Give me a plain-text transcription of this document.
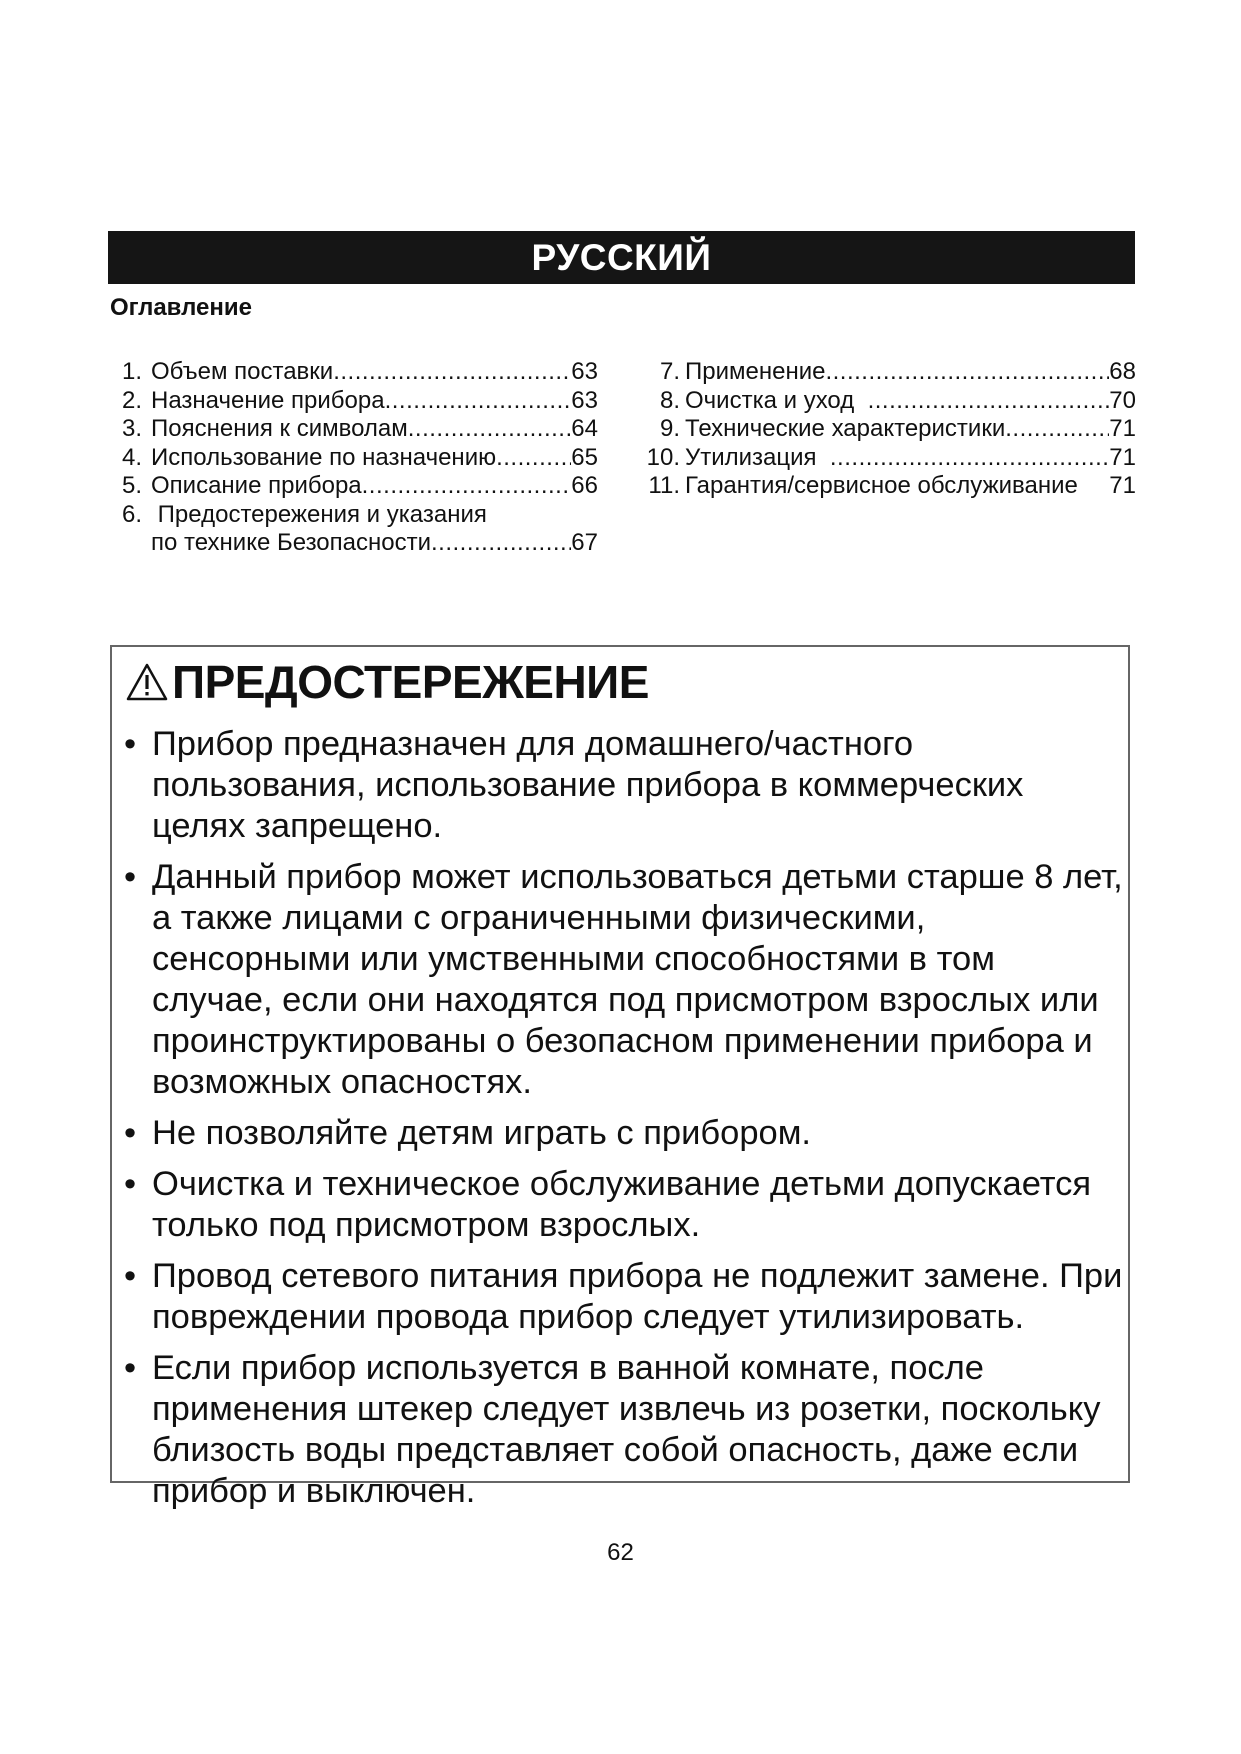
РУССКИЙ
Оглавление
1. Объем поставки .....	63
2. Назначение прибора .....	63
3. Пояснения к символам .....	64
4. Использование по назначению .....	65
5. Описание прибора .....	66
6. Предостережения и указания
по технике Безопасности .....	67
7. Применение .....	68
8. Очистка и уход .....	70
9. Технические характеристики .....	71
10. Утилизация .....	71
11. Гарантия/сервисное обслуживание 71
ПРЕДОСТЕРЕЖЕНИЕ
• Прибор предназначен для домашнего/частного пользования, использование прибора в коммерческих целях запрещено.
• Данный прибор может использоваться детьми старше 8 лет, а также лицами с ограниченными физическими, сенсорными или умственными способностями в том случае, если они находятся под присмотром взрослых или проинструктированы о безопасном применении прибора и возможных опасностях.
• Не позволяйте детям играть с прибором.
• Очистка и техническое обслуживание детьми допускается только под присмотром взрослых.
• Провод сетевого питания прибора не подлежит замене. При повреждении провода прибор следует утилизировать.
• Если прибор используется в ванной комнате, после применения штекер следует извлечь из розетки, поскольку близость воды представляет собой опасность, даже если прибор и выключен.
62
